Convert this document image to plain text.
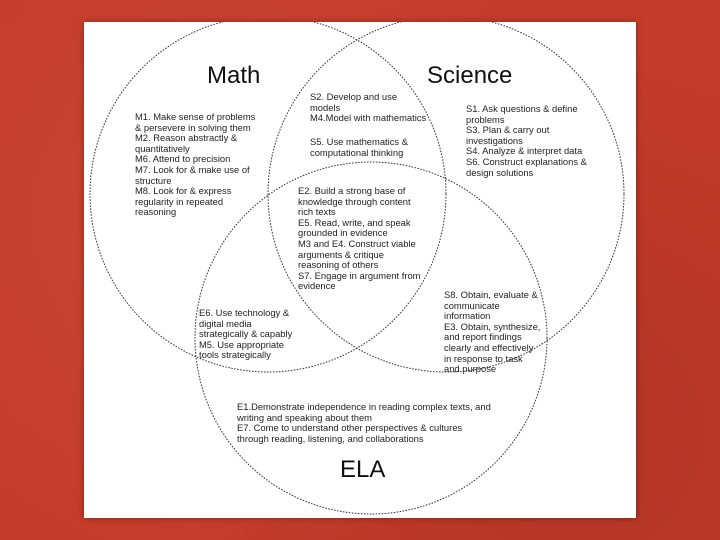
Math	Science
ELA
M1. Make sense of problems
& persevere in solving them
M2. Reason abstractly &
quantitatively
M6. Attend to precision
M7. Look for & make use of
structure
M8. Look for & express
regularity in repeated
reasoning
S2. Develop and use
models
M4.Model with mathematics
S5. Use mathematics &
computational thinking
S1. Ask questions & define
problems
S3. Plan & carry out
investigations
S4. Analyze & interpret data
S6. Construct explanations &
design solutions
E2. Build a strong base of
knowledge through content
rich texts
E5. Read, write, and speak
grounded in evidence
M3 and E4. Construct viable
arguments & critique
reasoning of others
S7. Engage in argument from
evidence
E6. Use technology &
digital media
strategically & capably
M5. Use appropriate
tools strategically
S8. Obtain, evaluate &
communicate
information
E3. Obtain, synthesize,
and report findings
clearly and effectively
in response to task
and purpose
E1.Demonstrate independence in reading complex texts, and
writing and speaking about them
E7. Come to understand other perspectives & cultures
through reading, listening, and collaborations
